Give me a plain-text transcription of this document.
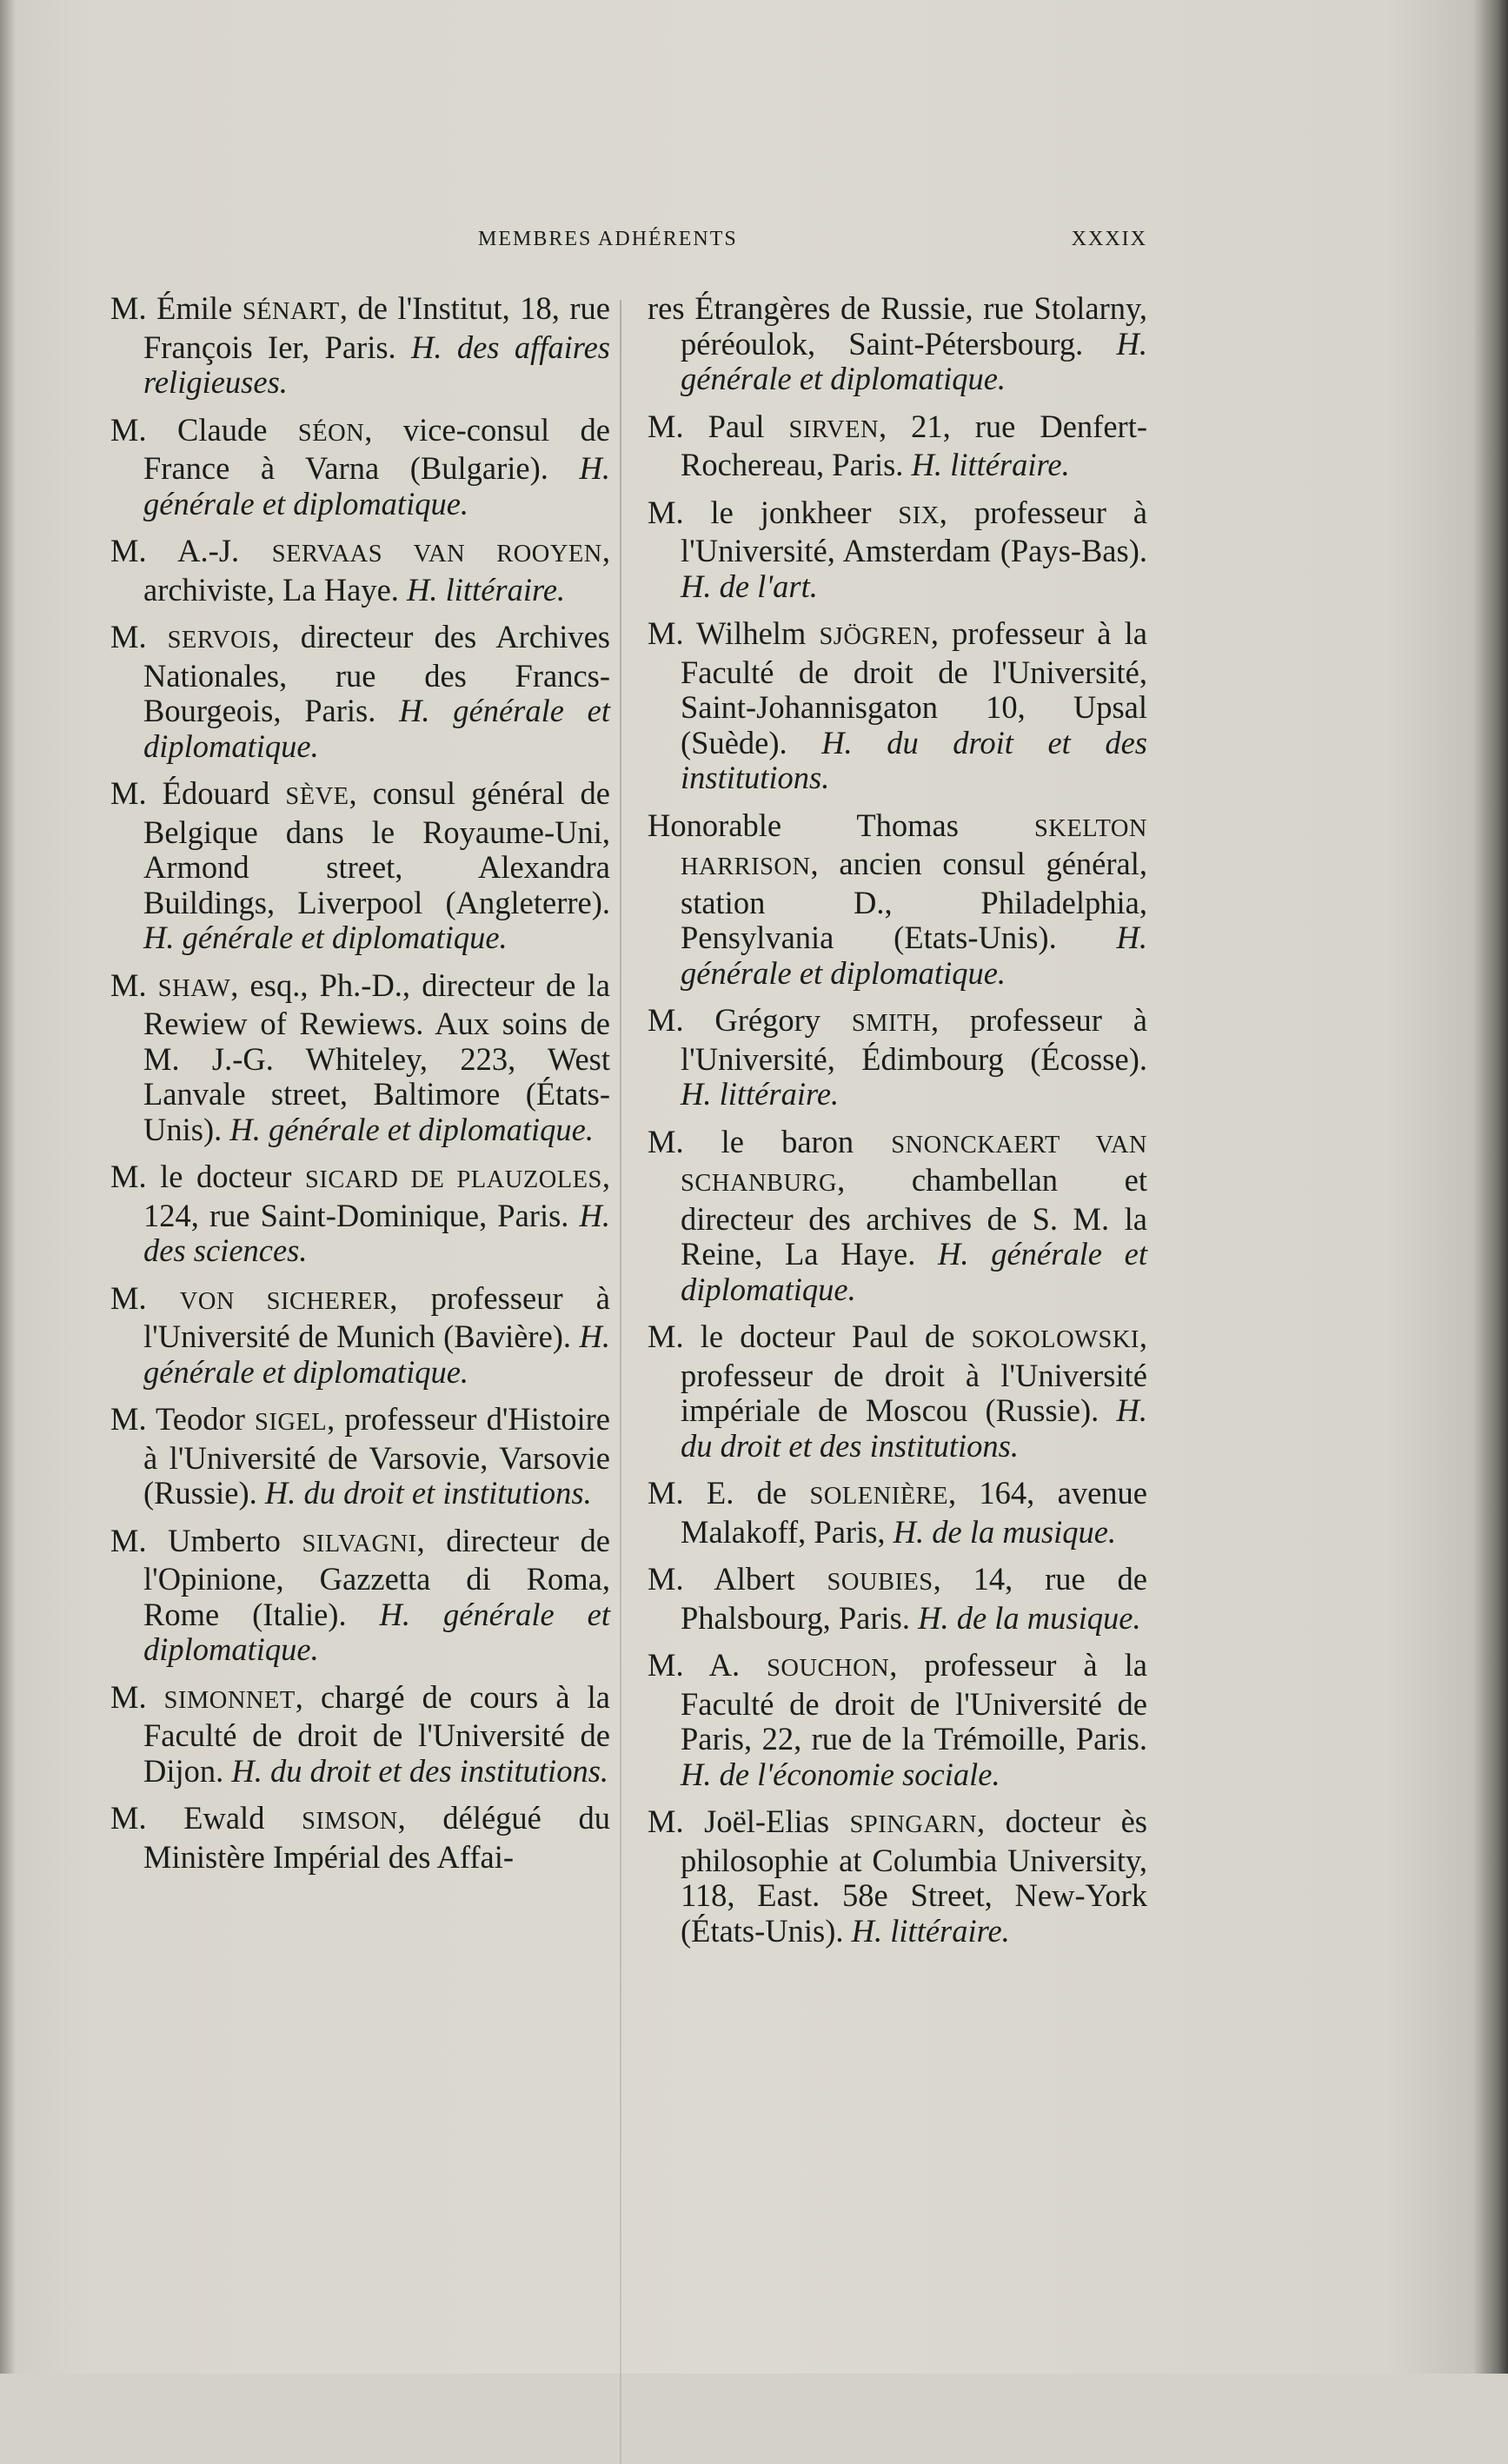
MEMBRES ADHÉRENTS	XXXIX
M. Émile SÉNART, de l'Institut, 18, rue François Ier, Paris. H. des affaires religieuses.
M. Claude SÉON, vice-consul de France à Varna (Bulgarie). H. générale et diplomatique.
M. A.-J. SERVAAS VAN ROOYEN, archiviste, La Haye. H. littéraire.
M. SERVOIS, directeur des Archives Nationales, rue des Francs-Bourgeois, Paris. H. générale et diplomatique.
M. Édouard SÈVE, consul général de Belgique dans le Royaume-Uni, Armond street, Alexandra Buildings, Liverpool (Angleterre). H. générale et diplomatique.
M. SHAW, esq., Ph.-D., directeur de la Rewiew of Rewiews. Aux soins de M. J.-G. Whiteley, 223, West Lanvale street, Baltimore (États-Unis). H. générale et diplomatique.
M. le docteur SICARD DE PLAUZOLES, 124, rue Saint-Dominique, Paris. H. des sciences.
M. VON SICHERER, professeur à l'Université de Munich (Bavière). H. générale et diplomatique.
M. Teodor SIGEL, professeur d'Histoire à l'Université de Varsovie, Varsovie (Russie). H. du droit et institutions.
M. Umberto SILVAGNI, directeur de l'Opinione, Gazzetta di Roma, Rome (Italie). H. générale et diplomatique.
M. SIMONNET, chargé de cours à la Faculté de droit de l'Université de Dijon. H. du droit et des institutions.
M. Ewald SIMSON, délégué du Ministère Impérial des Affai-
res Étrangères de Russie, rue Stolarny, péréoulok, Saint-Pétersbourg. H. générale et diplomatique.
M. Paul SIRVEN, 21, rue Denfert-Rochereau, Paris. H. littéraire.
M. le jonkheer SIX, professeur à l'Université, Amsterdam (Pays-Bas). H. de l'art.
M. Wilhelm SJÖGREN, professeur à la Faculté de droit de l'Université, Saint-Johannisgaton 10, Upsal (Suède). H. du droit et des institutions.
Honorable Thomas SKELTON HARRISON, ancien consul général, station D., Philadelphia, Pensylvania (Etats-Unis). H. générale et diplomatique.
M. Grégory SMITH, professeur à l'Université, Édimbourg (Écosse). H. littéraire.
M. le baron SNONCKAERT VAN SCHANBURG, chambellan et directeur des archives de S. M. la Reine, La Haye. H. générale et diplomatique.
M. le docteur Paul de SOKOLOWSKI, professeur de droit à l'Université impériale de Moscou (Russie). H. du droit et des institutions.
M. E. de SOLENIÈRE, 164, avenue Malakoff, Paris, H. de la musique.
M. Albert SOUBIES, 14, rue de Phalsbourg, Paris. H. de la musique.
M. A. SOUCHON, professeur à la Faculté de droit de l'Université de Paris, 22, rue de la Trémoille, Paris. H. de l'économie sociale.
M. Joël-Elias SPINGARN, docteur ès philosophie at Columbia University, 118, East. 58e Street, New-York (États-Unis). H. littéraire.
